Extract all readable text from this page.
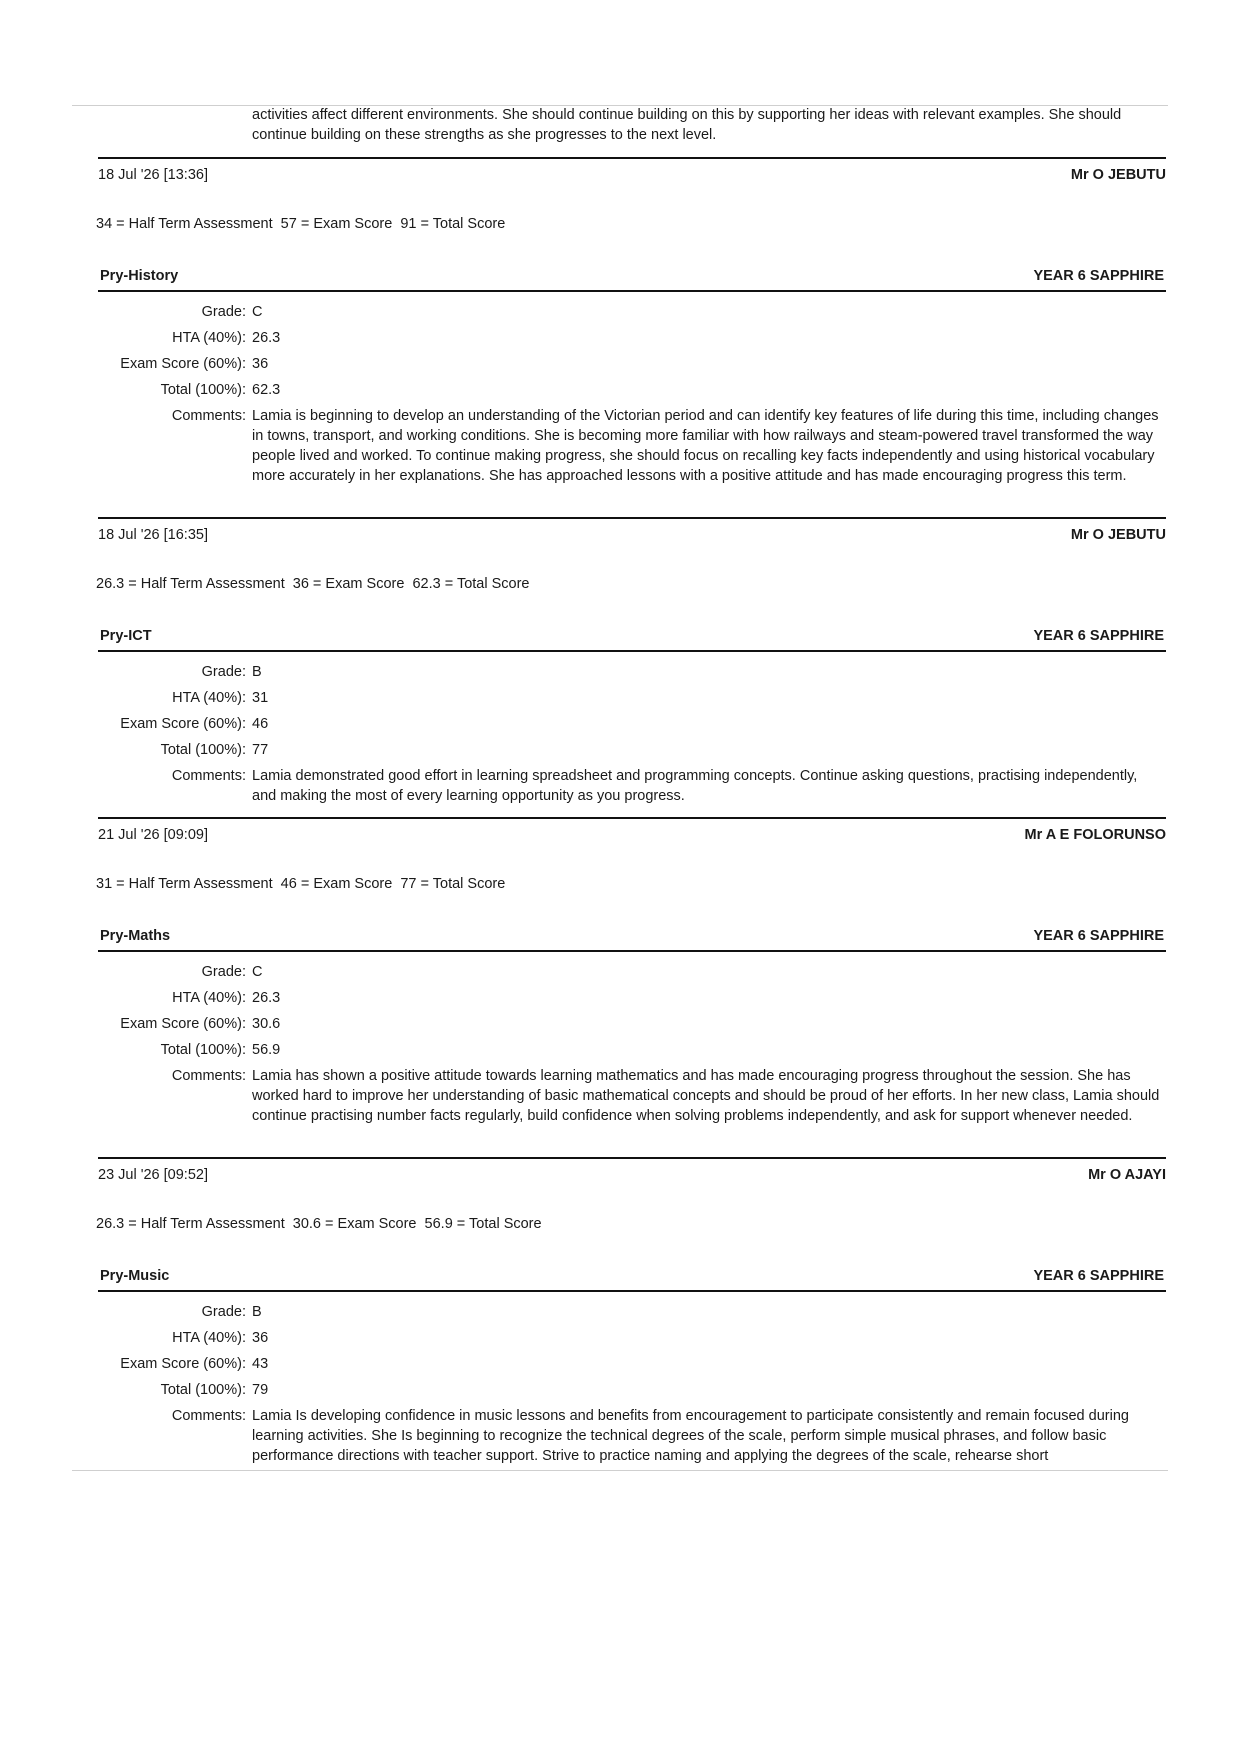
activities affect different environments. She should continue building on this by supporting her ideas with relevant examples. She should continue building on these strengths as she progresses to the next level.
18 Jul '26 [13:36]	Mr O JEBUTU
34 = Half Term Assessment  57 = Exam Score  91 = Total Score
Pry-History	YEAR 6 SAPPHIRE
Grade: C
HTA (40%): 26.3
Exam Score (60%): 36
Total (100%): 62.3
Comments: Lamia is beginning to develop an understanding of the Victorian period and can identify key features of life during this time, including changes in towns, transport, and working conditions. She is becoming more familiar with how railways and steam-powered travel transformed the way people lived and worked. To continue making progress, she should focus on recalling key facts independently and using historical vocabulary more accurately in her explanations. She has approached lessons with a positive attitude and has made encouraging progress this term.
18 Jul '26 [16:35]	Mr O JEBUTU
26.3 = Half Term Assessment  36 = Exam Score  62.3 = Total Score
Pry-ICT	YEAR 6 SAPPHIRE
Grade: B
HTA (40%): 31
Exam Score (60%): 46
Total (100%): 77
Comments: Lamia demonstrated good effort in learning spreadsheet and programming concepts. Continue asking questions, practising independently, and making the most of every learning opportunity as you progress.
21 Jul '26 [09:09]	Mr A E FOLORUNSO
31 = Half Term Assessment  46 = Exam Score  77 = Total Score
Pry-Maths	YEAR 6 SAPPHIRE
Grade: C
HTA (40%): 26.3
Exam Score (60%): 30.6
Total (100%): 56.9
Comments: Lamia has shown a positive attitude towards learning mathematics and has made encouraging progress throughout the session. She has worked hard to improve her understanding of basic mathematical concepts and should be proud of her efforts. In her new class, Lamia should continue practising number facts regularly, build confidence when solving problems independently, and ask for support whenever needed.
23 Jul '26 [09:52]	Mr O AJAYI
26.3 = Half Term Assessment  30.6 = Exam Score  56.9 = Total Score
Pry-Music	YEAR 6 SAPPHIRE
Grade: B
HTA (40%): 36
Exam Score (60%): 43
Total (100%): 79
Comments: Lamia Is developing confidence in music lessons and benefits from encouragement to participate consistently and remain focused during learning activities. She Is beginning to recognize the technical degrees of the scale, perform simple musical phrases, and follow basic performance directions with teacher support. Strive to practice naming and applying the degrees of the scale, rehearse short
